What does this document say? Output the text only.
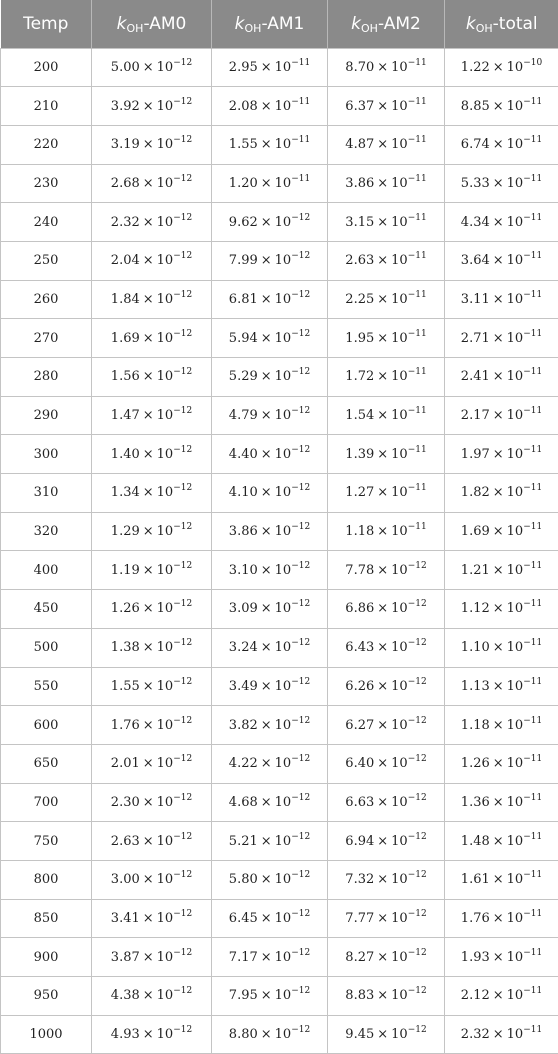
Temp	$k_{OH}-AM0$	$k_{OH}-AM1$	$k_{OH}-AM2$	$k_{OH}$-total
200	$5.00 \times 10^{-12}$	$2.95 \times 10^{-11}$	$8.70 \times 10^{-11}$	$1.22 \times 10^{-10}$
210	$3.92 \times 10^{-12}$	$2.08 \times 10^{-11}$	$6.37 \times 10^{-11}$	$8.85 \times 10^{-11}$
220	$3.19 \times 10^{-12}$	$1.55 \times 10^{-11}$	$4.87 \times 10^{-11}$	$6.74 \times 10^{-11}$
230	$2.68 \times 10^{-12}$	$1.20 \times 10^{-11}$	$3.86 \times 10^{-11}$	$5.33 \times 10^{-11}$
240	$2.32 \times 10^{-12}$	$9.62 \times 10^{-12}$	$3.15 \times 10^{-11}$	$4.34 \times 10^{-11}$
250	$2.04 \times 10^{-12}$	$7.99 \times 10^{-12}$	$2.63 \times 10^{-11}$	$3.64 \times 10^{-11}$
260	$1.84 \times 10^{-12}$	$6.81 \times 10^{-12}$	$2.25 \times 10^{-11}$	$3.11 \times 10^{-11}$
270	$1.69 \times 10^{-12}$	$5.94 \times 10^{-12}$	$1.95 \times 10^{-11}$	$2.71 \times 10^{-11}$
280	$1.56 \times 10^{-12}$	$5.29 \times 10^{-12}$	$1.72 \times 10^{-11}$	$2.41 \times 10^{-11}$
290	$1.47 \times 10^{-12}$	$4.79 \times 10^{-12}$	$1.54 \times 10^{-11}$	$2.17 \times 10^{-11}$
300	$1.40 \times 10^{-12}$	$4.40 \times 10^{-12}$	$1.39 \times 10^{-11}$	$1.97 \times 10^{-11}$
310	$1.34 \times 10^{-12}$	$4.10 \times 10^{-12}$	$1.27 \times 10^{-11}$	$1.82 \times 10^{-11}$
320	$1.29 \times 10^{-12}$	$3.86 \times 10^{-12}$	$1.18 \times 10^{-11}$	$1.69 \times 10^{-11}$
400	$1.19 \times 10^{-12}$	$3.10 \times 10^{-12}$	$7.78 \times 10^{-12}$	$1.21 \times 10^{-11}$
450	$1.26 \times 10^{-12}$	$3.09 \times 10^{-12}$	$6.86 \times 10^{-12}$	$1.12 \times 10^{-11}$
500	$1.38 \times 10^{-12}$	$3.24 \times 10^{-12}$	$6.43 \times 10^{-12}$	$1.10 \times 10^{-11}$
550	$1.55 \times 10^{-12}$	$3.49 \times 10^{-12}$	$6.26 \times 10^{-12}$	$1.13 \times 10^{-11}$
600	$1.76 \times 10^{-12}$	$3.82 \times 10^{-12}$	$6.27 \times 10^{-12}$	$1.18 \times 10^{-11}$
650	$2.01 \times 10^{-12}$	$4.22 \times 10^{-12}$	$6.40 \times 10^{-12}$	$1.26 \times 10^{-11}$
700	$2.30 \times 10^{-12}$	$4.68 \times 10^{-12}$	$6.63 \times 10^{-12}$	$1.36 \times 10^{-11}$
750	$2.63 \times 10^{-12}$	$5.21 \times 10^{-12}$	$6.94 \times 10^{-12}$	$1.48 \times 10^{-11}$
800	$3.00 \times 10^{-12}$	$5.80 \times 10^{-12}$	$7.32 \times 10^{-12}$	$1.61 \times 10^{-11}$
850	$3.41 \times 10^{-12}$	$6.45 \times 10^{-12}$	$7.77 \times 10^{-12}$	$1.76 \times 10^{-11}$
900	$3.87 \times 10^{-12}$	$7.17 \times 10^{-12}$	$8.27 \times 10^{-12}$	$1.93 \times 10^{-11}$
950	$4.38 \times 10^{-12}$	$7.95 \times 10^{-12}$	$8.83 \times 10^{-12}$	$2.12 \times 10^{-11}$
1000	$4.93 \times 10^{-12}$	$8.80 \times 10^{-12}$	$9.45 \times 10^{-12}$	$2.32 \times 10^{-11}$
